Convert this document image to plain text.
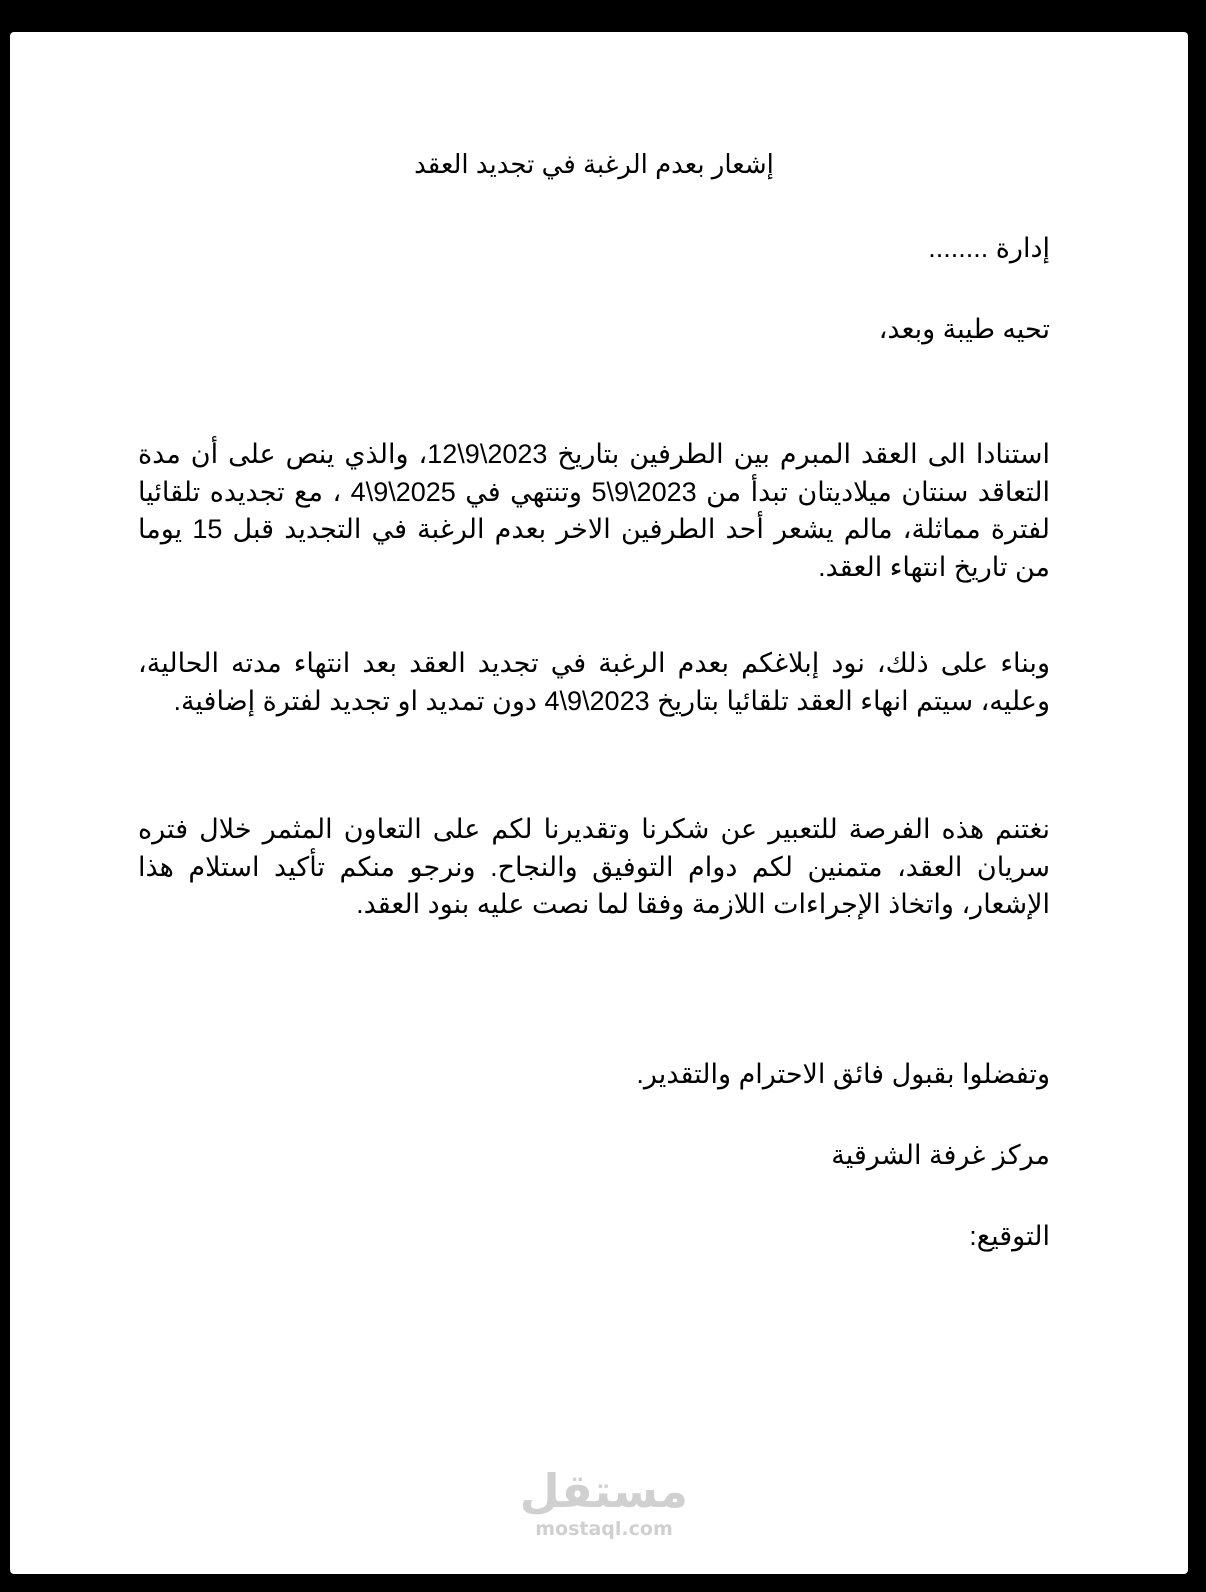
إشعار بعدم الرغبة في تجديد العقد

إدارة ........

تحيه طيبة وبعد،

استنادا الى العقد المبرم بين الطرفين بتاريخ 2023\9\12، والذي ينص على أن مدة التعاقد سنتان ميلاديتان تبدأ من 2023\9\5 وتنتهي في 2025\9\4 ، مع تجديده تلقائيا لفترة مماثلة، مالم يشعر أحد الطرفين الاخر بعدم الرغبة في التجديد قبل 15 يوما من تاريخ انتهاء العقد.

وبناء على ذلك، نود إبلاغكم بعدم الرغبة في تجديد العقد بعد انتهاء مدته الحالية، وعليه، سيتم انهاء العقد تلقائيا بتاريخ 2023\9\4 دون تمديد او تجديد لفترة إضافية.

نغتنم هذه الفرصة للتعبير عن شكرنا وتقديرنا لكم على التعاون المثمر خلال فتره سريان العقد، متمنين لكم دوام التوفيق والنجاح. ونرجو منكم تأكيد استلام هذا الإشعار، واتخاذ الإجراءات اللازمة وفقا لما نصت عليه بنود العقد.

وتفضلوا بقبول فائق الاحترام والتقدير.

مركز غرفة الشرقية

التوقيع:

مستقل
mostaql.com
